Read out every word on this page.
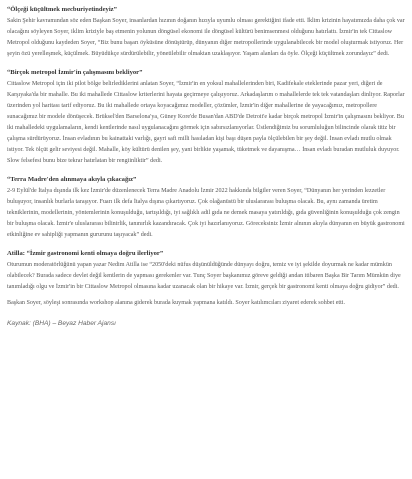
“Ölçeği küçültmek mecburiyetindeyiz”

Sakin Şehir kavramından söz eden Başkan Soyer, insanlardan hızının doğanın hızıyla uyumlu olması gerektiğini ifade etti. İklim krizinin hayatımızda daha çok var olacağını söyleyen Soyer, iklim kriziyle baş etmenin yolunun döngüsel ekonomi ile döngüsel kültürü benimsenmesi olduğunu hatırlattı. İzmir'in tek Cittaslow Metropol olduğunu kaydeden Soyer, “Biz bunu başarı öyküsüne dönüştürüp, dünyanın diğer metropollerinde uygulanabilecek bir model oluşturmak istiyoruz. Her şeyin özü yerelleşmek, küçülmek. Büyüdükçe sürdürülebilir, yönetilebilir olmaktan uzaklaşıyor. Yaşam alanları da öyle. Ölçeği küçültmek zorundayız” dedi.

“Birçok metropol İzmir'in çalışmasını bekliyor”

Cittaslow Metropol için iki pilot bölge belirlediklerini anlatan Soyer, “İzmir'in en yoksul mahallelerinden biri, Kadifekale eteklerinde pazar yeri, diğeri de Karşıyaka'da bir mahalle. Bu iki mahallede Cittaslow kriterlerini hayata geçirmeye çalışıyoruz. Arkadaşlarım o mahallelerde tek tek vatandaşları dinliyor. Raporlar üzerinden yol haritası tarif ediyoruz. Bu iki mahallede ortaya koyacağımız modeller, çözümler, İzmir'in diğer mahallerine de yayacağımız, metropollere sunacağımız bir modele dönüşecek. Brüksel'den Barselona'ya, Güney Kore'de Busan'dan ABD'de Detroit'e kadar birçok metropol İzmir'in çalışmasını bekliyor. Bu iki mahalledeki uygulamaların, kendi kentlerinde nasıl uygulanacağını görmek için sabırsızlanıyorlar. Üstlendiğimiz bu sorumluluğun bilincinde olarak titiz bir çalışma sürdürüyoruz. İnsan evladının bu kainattaki varlığı, gayri safi milli hasıladan kişi başı düşen payla ölçülebilen bir şey değil. İnsan evladı mutlu olmak istiyor. Tek ölçüt gelir seviyesi değil. Mahalle, köy kültürü denilen şey, yani birlikte yaşamak, tüketmek ve dayanışma… İnsan evladı buradan mutluluk duyuyor. Slow felsefesi bunu bize tekrar hatırlatan bir rengiinliktir” dedi.

“Terra Madre'den alınmaya akıyla çıkacağız”

2-9 Eylül'de İtalya dışında ilk kez İzmir'de düzenlenecek Terra Madre Anadolu İzmir 2022 hakkında bilgiler veren Soyer, “Dünyanın her yerinden lezzetler buluşuyor, insanlık burlarla taraşıyor. Fuarı ilk defa İtalya dışına çıkartıyoruz. Çok olağanüstü bir uluslararası buluşma olacak. Bu, aynı zamanda üretim tekniklerinin, modellerinin, yöntemlerinin konuşulduğu, tartışıldığı, iyi sağlıklı adil gıda ne demek masaya yatırıldığı, gıda güvenliğinin konuşulduğu çok zengin bir buluşma olacak. İzmir'e uluslararası bilinirlik, tanınırlık kazandıracak. Çok iyi hazırlanıyoruz. Göreceksiniz İzmir alnının akıyla dünyanın en büyük gastronomi etkinliğine ev sahipliği yapmanın gururunu taşıyacak” dedi.

Atilla: “İzmir gastronomi kenti olmaya doğru ilerliyor”

Oturumun moderatörlüğünü yapan yazar Nedim Atilla ise “2050'deki nüfus düşünüldüğünde dünyayı doğru, temiz ve iyi şekilde doyurmak ne kadar mümkün olabilecek? Burada sadece devlet değil kentlerin de yapması gerekenler var. Tunç Soyer başkanımız göreve geldiği andan itibaren Başka Bir Tarım Mümkün diye tanımladığı olgu ve İzmir'in bir Cittaslow Metropol olmasına kadar uzanacak olan bir hikaye var. İzmir, gerçek bir gastronomi kenti olmaya doğru gidiyor” dedi.

Başkan Soyer, söyleşi sonrasında workshop alanına giderek burada kuymak yapmana katıldı. Soyer katılımcıları ziyaret ederek sohbet etti.

Kaynak: (BHA) – Beyaz Haber Ajansı
